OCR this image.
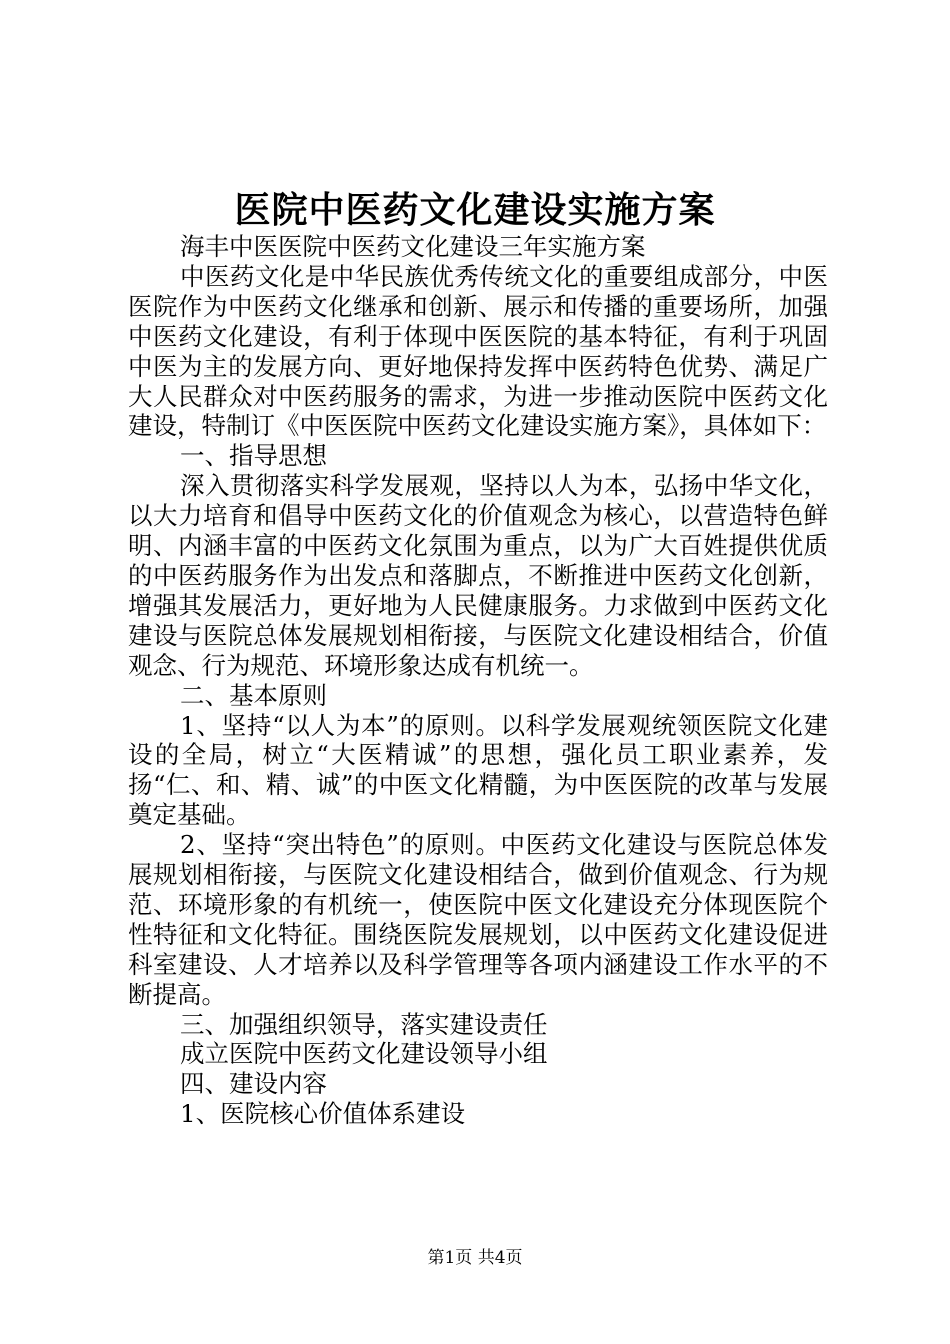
医院中医药文化建设实施方案

海丰中医医院中医药文化建设三年实施方案

中医药文化是中华民族优秀传统文化的重要组成部分，中医医院作为中医药文化继承和创新、展示和传播的重要场所，加强中医药文化建设，有利于体现中医医院的基本特征，有利于巩固中医为主的发展方向、更好地保持发挥中医药特色优势、满足广大人民群众对中医药服务的需求，为进一步推动医院中医药文化建设，特制订《中医医院中医药文化建设实施方案》，具体如下：

一、指导思想

深入贯彻落实科学发展观，坚持以人为本，弘扬中华文化，以大力培育和倡导中医药文化的价值观念为核心，以营造特色鲜明、内涵丰富的中医药文化氛围为重点，以为广大百姓提供优质的中医药服务作为出发点和落脚点，不断推进中医药文化创新，增强其发展活力，更好地为人民健康服务。力求做到中医药文化建设与医院总体发展规划相衔接，与医院文化建设相结合，价值观念、行为规范、环境形象达成有机统一。

二、基本原则

1、坚持“以人为本”的原则。以科学发展观统领医院文化建设的全局，树立“大医精诚”的思想，强化员工职业素养，发扬“仁、和、精、诚”的中医文化精髓，为中医医院的改革与发展奠定基础。

2、坚持“突出特色”的原则。中医药文化建设与医院总体发展规划相衔接，与医院文化建设相结合，做到价值观念、行为规范、环境形象的有机统一，使医院中医文化建设充分体现医院个性特征和文化特征。围绕医院发展规划，以中医药文化建设促进科室建设、人才培养以及科学管理等各项内涵建设工作水平的不断提高。

三、加强组织领导，落实建设责任

成立医院中医药文化建设领导小组

四、建设内容

1、医院核心价值体系建设

第1页 共4页
